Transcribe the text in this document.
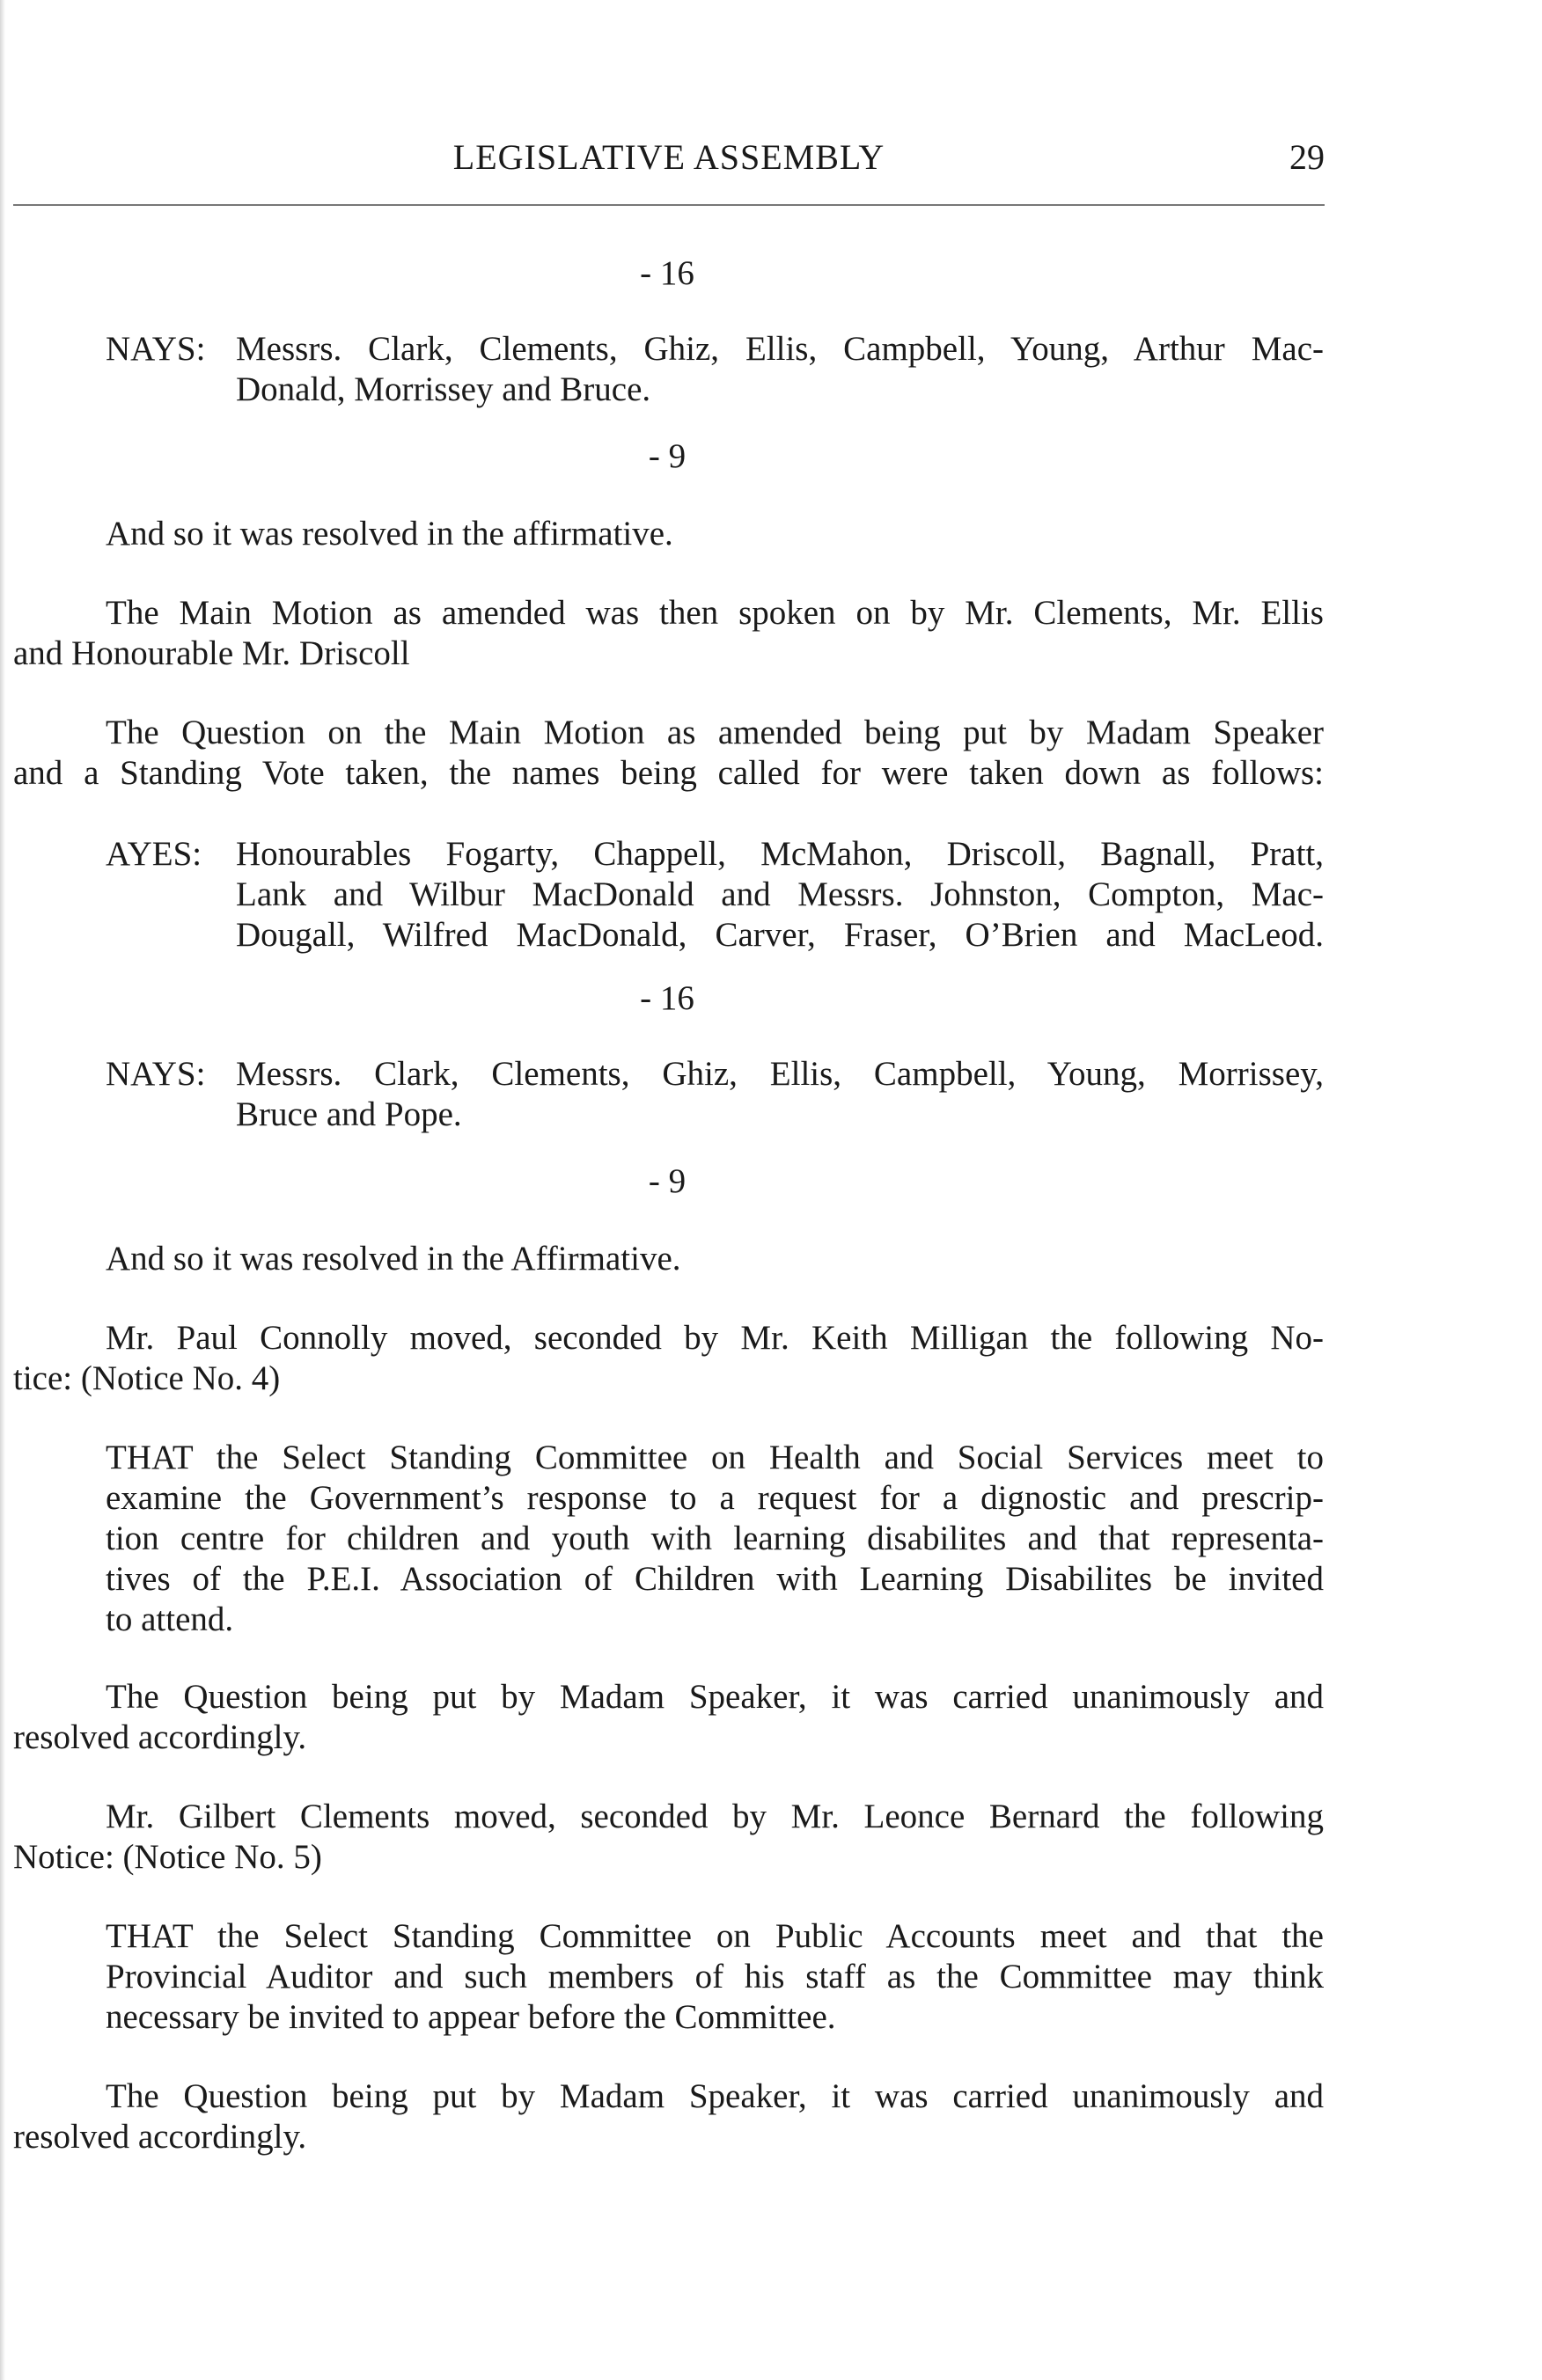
LEGISLATIVE ASSEMBLY	29
- 16
NAYS: Messrs. Clark, Clements, Ghiz, Ellis, Campbell, Young, Arthur Mac-
Donald, Morrissey and Bruce.
- 9
And so it was resolved in the affirmative.
The Main Motion as amended was then spoken on by Mr. Clements, Mr. Ellis
and Honourable Mr. Driscoll
The Question on the Main Motion as amended being put by Madam Speaker
and a Standing Vote taken, the names being called for were taken down as follows:
AYES: Honourables Fogarty, Chappell, McMahon, Driscoll, Bagnall, Pratt,
Lank and Wilbur MacDonald and Messrs. Johnston, Compton, Mac-
Dougall, Wilfred MacDonald, Carver, Fraser, O’Brien and MacLeod.
- 16
NAYS: Messrs. Clark, Clements, Ghiz, Ellis, Campbell, Young, Morrissey,
Bruce and Pope.
- 9
And so it was resolved in the Affirmative.
Mr. Paul Connolly moved, seconded by Mr. Keith Milligan the following No-
tice: (Notice No. 4)
THAT the Select Standing Committee on Health and Social Services meet to
examine the Government’s response to a request for a dignostic and prescrip-
tion centre for children and youth with learning disabilites and that representa-
tives of the P.E.I. Association of Children with Learning Disabilites be invited
to attend.
The Question being put by Madam Speaker, it was carried unanimously and
resolved accordingly.
Mr. Gilbert Clements moved, seconded by Mr. Leonce Bernard the following
Notice: (Notice No. 5)
THAT the Select Standing Committee on Public Accounts meet and that the
Provincial Auditor and such members of his staff as the Committee may think
necessary be invited to appear before the Committee.
The Question being put by Madam Speaker, it was carried unanimously and
resolved accordingly.
